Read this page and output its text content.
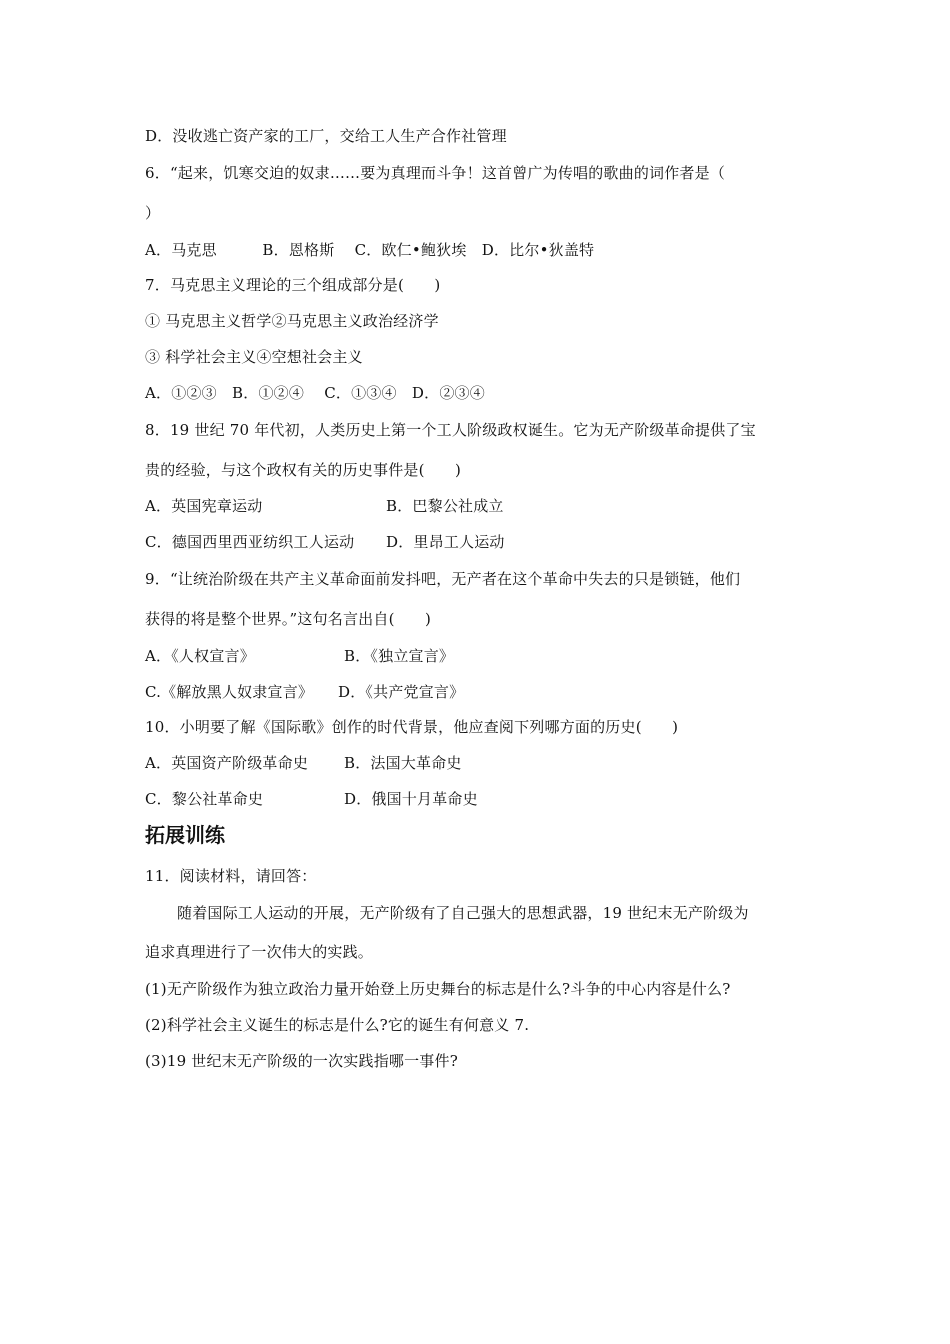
D．没收逃亡资产家的工厂，交给工人生产合作社管理
6．“起来，饥寒交迫的奴隶……要为真理而斗争！这首曾广为传唱的歌曲的词作者是（
）
A．马克思　　　B．恩格斯　 C．欧仁•鲍狄埃　D．比尔•狄盖特
7．马克思主义理论的三个组成部分是(　　)
① 马克思主义哲学②马克思主义政治经济学
③ 科学社会主义④空想社会主义
A．①②③　B．①②④　 C．①③④　D．②③④
8．19 世纪 70 年代初，人类历史上第一个工人阶级政权诞生。它为无产阶级革命提供了宝
贵的经验，与这个政权有关的历史事件是(　　)
A．英国宪章运动	B．巴黎公社成立
C．德国西里西亚纺织工人运动 D．里昂工人运动
9．“让统治阶级在共产主义革命面前发抖吧，无产者在这个革命中失去的只是锁链，他们
获得的将是整个世界。”这句名言出自(　　)
A．《人权宣言》	B．《独立宣言》
C.《解放黑人奴隶宣言》 D．《共产党宣言》
10．小明要了解《国际歌》创作的时代背景，他应查阅下列哪方面的历史(　　)
A．英国资产阶级革命史 B．法国大革命史
C．黎公社革命史	D．俄国十月革命史
拓展训练
11．阅读材料，请回答：
随着国际工人运动的开展，无产阶级有了自己强大的思想武器，19 世纪末无产阶级为
追求真理进行了一次伟大的实践。
(1)无产阶级作为独立政治力量开始登上历史舞台的标志是什么?斗争的中心内容是什么?
(2)科学社会主义诞生的标志是什么?它的诞生有何意义 7.
(3)19 世纪末无产阶级的一次实践指哪一事件?
